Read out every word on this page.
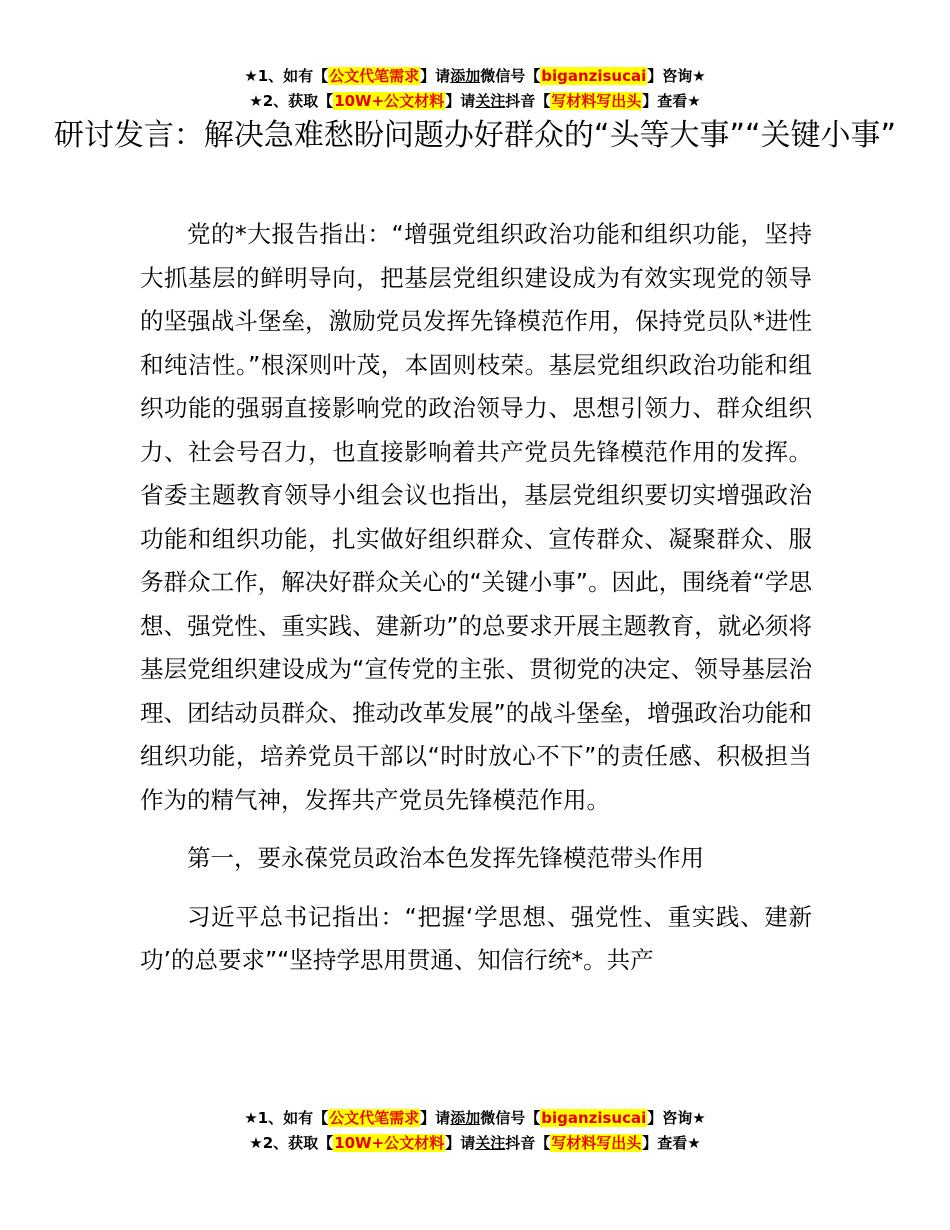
★1、如有【公文代笔需求】请添加微信号【biganzisucai】咨询★
★2、获取【10W+公文材料】请关注抖音【写材料写出头】查看★
研讨发言：解决急难愁盼问题办好群众的“头等大事”“关键小事”

党的*大报告指出：“增强党组织政治功能和组织功能，坚持大抓基层的鲜明导向，把基层党组织建设成为有效实现党的领导的坚强战斗堡垒，激励党员发挥先锋模范作用，保持党员队*进性和纯洁性。”根深则叶茂，本固则枝荣。基层党组织政治功能和组织功能的强弱直接影响党的政治领导力、思想引领力、群众组织力、社会号召力，也直接影响着共产党员先锋模范作用的发挥。省委主题教育领导小组会议也指出，基层党组织要切实增强政治功能和组织功能，扎实做好组织群众、宣传群众、凝聚群众、服务群众工作，解决好群众关心的“关键小事”。因此，围绕着“学思想、强党性、重实践、建新功”的总要求开展主题教育，就必须将基层党组织建设成为“宣传党的主张、贯彻党的决定、领导基层治理、团结动员群众、推动改革发展”的战斗堡垒，增强政治功能和组织功能，培养党员干部以“时时放心不下”的责任感、积极担当作为的精气神，发挥共产党员先锋模范作用。

第一，要永葆党员政治本色发挥先锋模范带头作用

习近平总书记指出：“把握‘学思想、强党性、重实践、建新功’的总要求”“坚持学思用贯通、知信行统*。共产

★1、如有【公文代笔需求】请添加微信号【biganzisucai】咨询★
★2、获取【10W+公文材料】请关注抖音【写材料写出头】查看★
